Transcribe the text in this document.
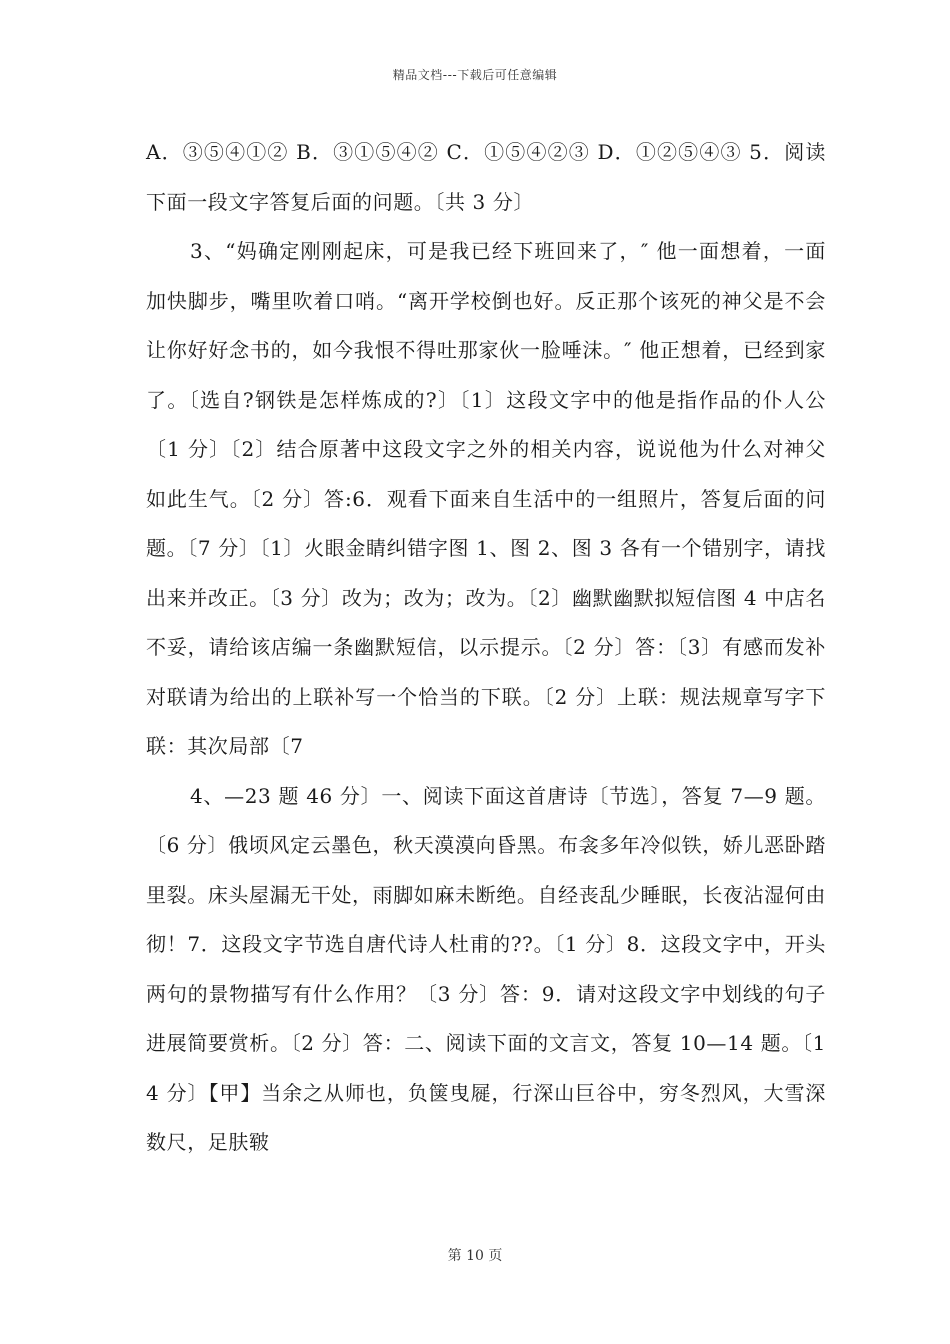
精品文档---下载后可任意编辑

A．③⑤④①② B．③①⑤④② C．①⑤④②③ D．①②⑤④③ 5．阅读下面一段文字答复后面的问题。〔共 3 分〕

3、“妈确定刚刚起床，可是我已经下班回来了，″ 他一面想着，一面加快脚步，嘴里吹着口哨。“离开学校倒也好。反正那个该死的神父是不会让你好好念书的，如今我恨不得吐那家伙一脸唾沫。″ 他正想着，已经到家了。〔选自?钢铁是怎样炼成的?〕〔1〕这段文字中的他是指作品的仆人公〔1 分〕〔2〕结合原著中这段文字之外的相关内容，说说他为什么对神父如此生气。〔2 分〕答:6．观看下面来自生活中的一组照片，答复后面的问题。〔7 分〕〔1〕火眼金睛纠错字图 1、图 2、图 3 各有一个错别字，请找出来并改正。〔3 分〕改为；改为；改为。〔2〕幽默幽默拟短信图 4 中店名不妥，请给该店编一条幽默短信，以示提示。〔2 分〕答：〔3〕有感而发补对联请为给出的上联补写一个恰当的下联。〔2 分〕上联：规法规章写字下联：其次局部〔7

4、—23 题 46 分〕一、阅读下面这首唐诗〔节选〕，答复 7—9 题。〔6 分〕俄顷风定云墨色，秋天漠漠向昏黑。布衾多年冷似铁，娇儿恶卧踏里裂。床头屋漏无干处，雨脚如麻未断绝。自经丧乱少睡眠，长夜沾湿何由彻！7．这段文字节选自唐代诗人杜甫的??。〔1 分〕8．这段文字中，开头两句的景物描写有什么作用？〔3 分〕答：9．请对这段文字中划线的句子进展简要赏析。〔2 分〕答：二、阅读下面的文言文，答复 10—14 题。〔14 分〕【甲】当余之从师也，负箧曳屣，行深山巨谷中，穷冬烈风，大雪深数尺，足肤皲

第 10 页
